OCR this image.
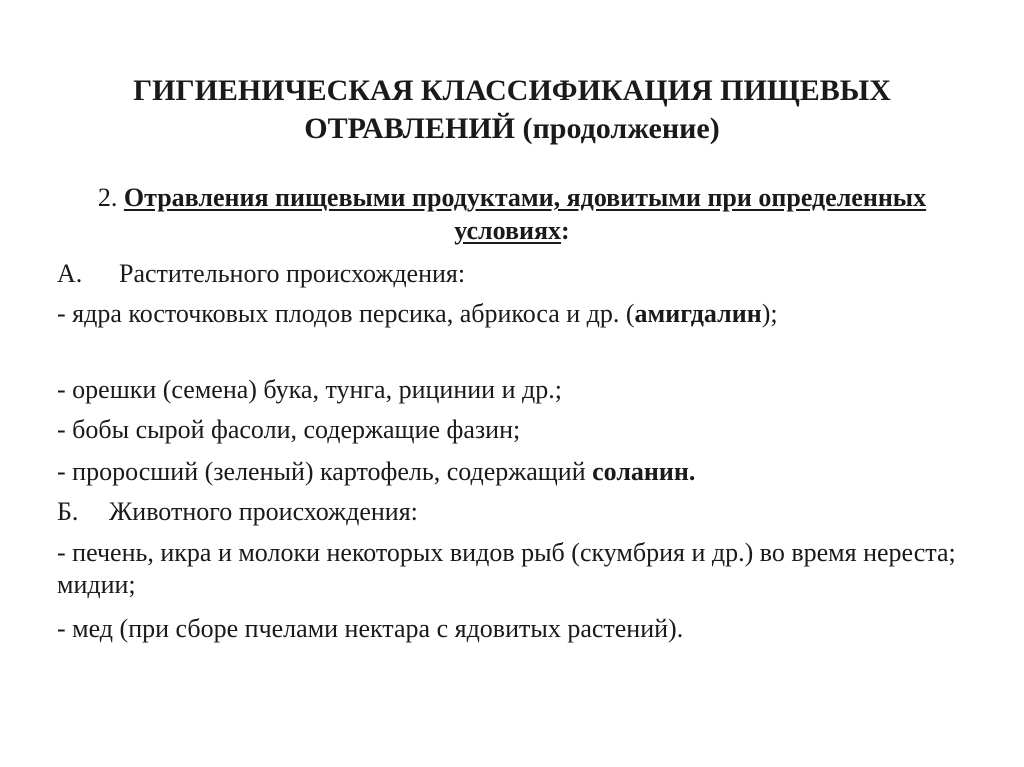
ГИГИЕНИЧЕСКАЯ КЛАССИФИКАЦИЯ ПИЩЕВЫХ ОТРАВЛЕНИЙ (продолжение)
2. Отравления пищевыми продуктами, ядовитыми при определенных условиях:
А. Растительного происхождения:
- ядра косточковых плодов персика, абрикоса и др. (амигдалин);
- орешки (семена) бука, тунга, рицинии и др.;
- бобы сырой фасоли, содержащие фазин;
- проросший (зеленый) картофель, содержащий соланин.
Б. Животного происхождения:
- печень, икра и молоки некоторых видов рыб (скумбрия и др.) во время нереста; мидии;
- мед (при сборе пчелами нектара с ядовитых растений).
